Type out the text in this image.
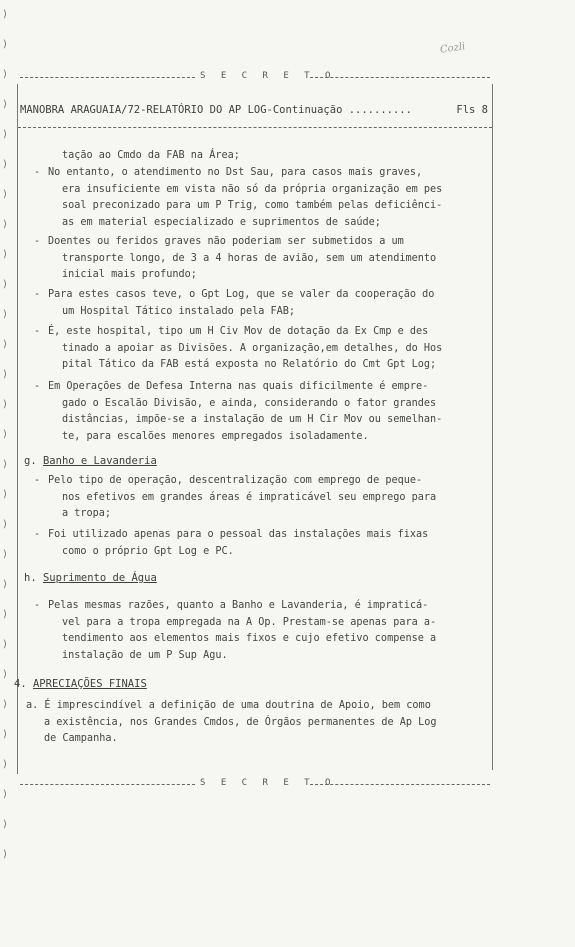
)
)
)
)
)
)
)
)
)
)
)
)
)
)
)
)
)
)
)
)
)
)
)
)
)
)
)
)
)
Cozli
S E C R E T O
MANOBRA ARAGUAIA/72-RELATÓRIO DO AP LOG-Continuação ..........	Fls 8
tação ao Cmdo da FAB na Área;

- No entanto, o atendimento no Dst Sau, para casos mais graves,

era insuficiente em vista não só da própria organização em pes

soal preconizado para um P Trig, como também pelas deficiênci-

as em material especializado e suprimentos de saúde;

- Doentes ou feridos graves não poderiam ser submetidos a um

transporte longo, de 3 a 4 horas de avião, sem um atendimento

inicial mais profundo;

- Para estes casos teve, o Gpt Log, que se valer da cooperação do

um Hospital Tático instalado pela FAB;

- É, este hospital, tipo um H Civ Mov de dotação da Ex Cmp e des

tinado a apoiar as Divisões. A organização,em detalhes, do Hos

pital Tático da FAB está exposta no Relatório do Cmt Gpt Log;

- Em Operações de Defesa Interna nas quais dificilmente é empre-

gado o Escalão Divisão, e ainda, considerando o fator grandes

distâncias, impõe-se a instalação de um H Cir Mov ou semelhan-

te, para escalões menores empregados isoladamente.

g. Banho e Lavanderia

- Pelo tipo de operação, descentralização com emprego de peque-

nos efetivos em grandes áreas é impraticável seu emprego para

a tropa;

- Foi utilizado apenas para o pessoal das instalações mais fixas

como o próprio Gpt Log e PC.

h. Suprimento de Água

- Pelas mesmas razões, quanto a Banho e Lavanderia, é impraticá-

vel para a tropa empregada na A Op. Prestam-se apenas para a-

tendimento aos elementos mais fixos e cujo efetivo compense a

instalação de um P Sup Agu.

4. APRECIAÇÕES FINAIS

a. É imprescindível a definição de uma doutrina de Apoio, bem como

a existência, nos Grandes Cmdos, de Órgãos permanentes de Ap Log

de Campanha.

S E C R E T O
